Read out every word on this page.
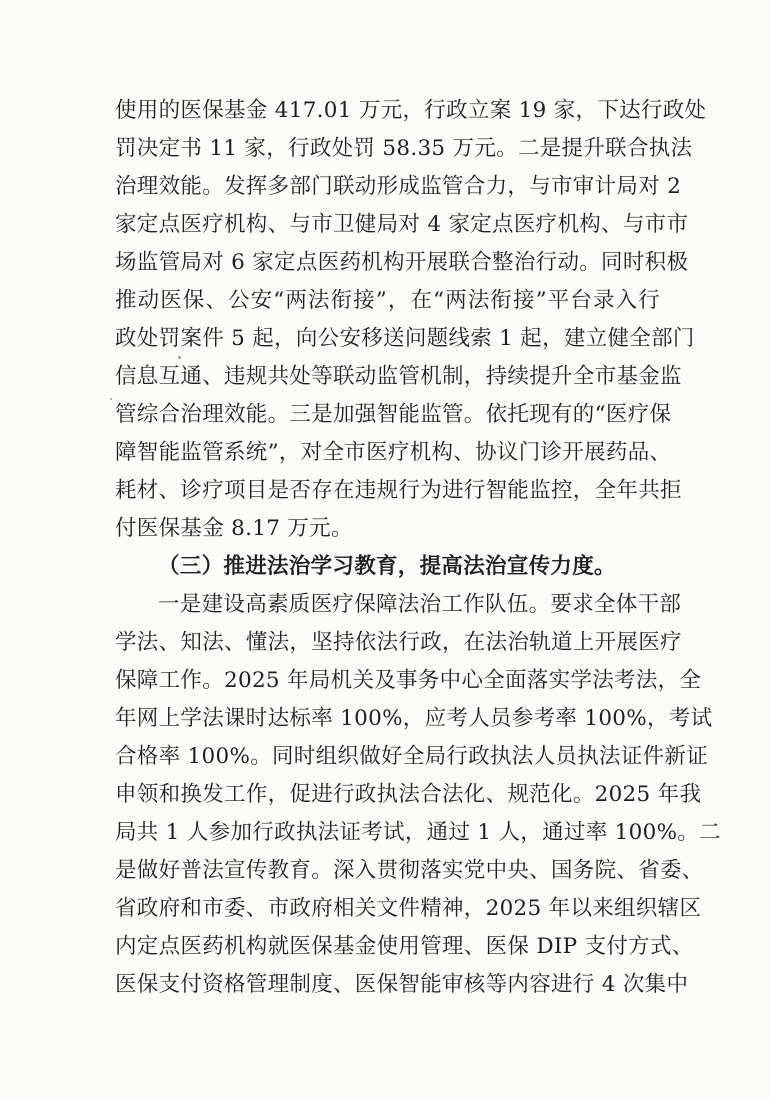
使用的医保基金 417.01 万元，行政立案 19 家，下达行政处
罚决定书 11 家，行政处罚 58.35 万元。二是提升联合执法
治理效能。发挥多部门联动形成监管合力，与市审计局对 2
家定点医疗机构、与市卫健局对 4 家定点医疗机构、与市市
场监管局对 6 家定点医药机构开展联合整治行动。同时积极
推动医保、公安“两法衔接”，在“两法衔接”平台录入行
政处罚案件 5 起，向公安移送问题线索 1 起，建立健全部门
信息互通、违规共处等联动监管机制，持续提升全市基金监
管综合治理效能。三是加强智能监管。依托现有的“医疗保
障智能监管系统”，对全市医疗机构、协议门诊开展药品、
耗材、诊疗项目是否存在违规行为进行智能监控，全年共拒
付医保基金 8.17 万元。
（三）推进法治学习教育，提高法治宣传力度。
一是建设高素质医疗保障法治工作队伍。要求全体干部
学法、知法、懂法，坚持依法行政，在法治轨道上开展医疗
保障工作。2025 年局机关及事务中心全面落实学法考法，全
年网上学法课时达标率 100%，应考人员参考率 100%，考试
合格率 100%。同时组织做好全局行政执法人员执法证件新证
申领和换发工作，促进行政执法合法化、规范化。2025 年我
局共 1 人参加行政执法证考试，通过 1 人，通过率 100%。二
是做好普法宣传教育。深入贯彻落实党中央、国务院、省委、
省政府和市委、市政府相关文件精神，2025 年以来组织辖区
内定点医药机构就医保基金使用管理、医保 DIP 支付方式、
医保支付资格管理制度、医保智能审核等内容进行 4 次集中
